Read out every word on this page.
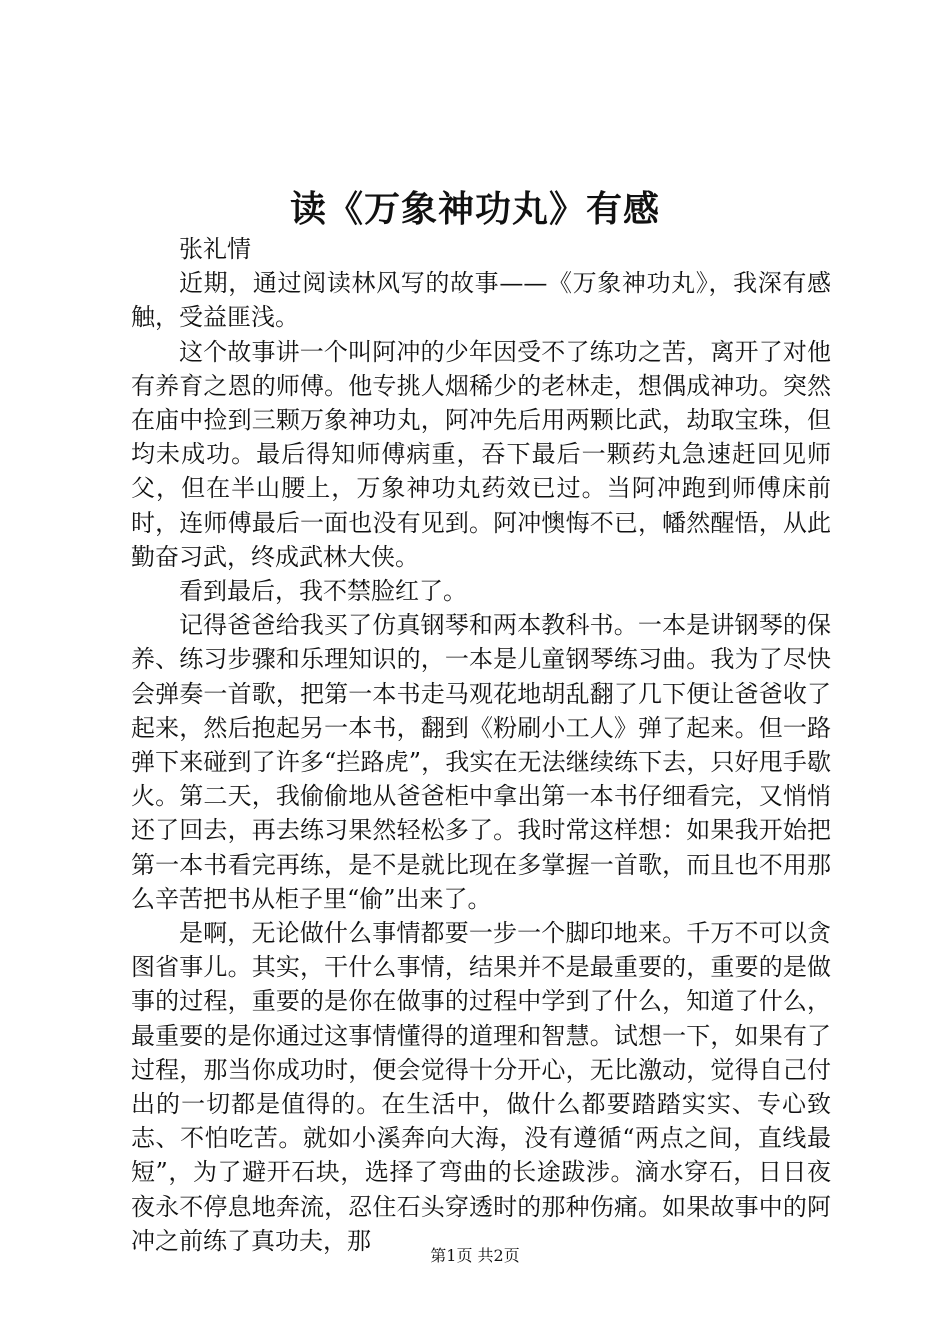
读《万象神功丸》有感

张礼情

近期，通过阅读林风写的故事——《万象神功丸》，我深有感触，受益匪浅。

这个故事讲一个叫阿冲的少年因受不了练功之苦，离开了对他有养育之恩的师傅。他专挑人烟稀少的老林走，想偶成神功。突然在庙中捡到三颗万象神功丸，阿冲先后用两颗比武，劫取宝珠，但均未成功。最后得知师傅病重，吞下最后一颗药丸急速赶回见师父，但在半山腰上，万象神功丸药效已过。当阿冲跑到师傅床前时，连师傅最后一面也没有见到。阿冲懊悔不已，幡然醒悟，从此勤奋习武，终成武林大侠。

看到最后，我不禁脸红了。

记得爸爸给我买了仿真钢琴和两本教科书。一本是讲钢琴的保养、练习步骤和乐理知识的，一本是儿童钢琴练习曲。我为了尽快会弹奏一首歌，把第一本书走马观花地胡乱翻了几下便让爸爸收了起来，然后抱起另一本书，翻到《粉刷小工人》弹了起来。但一路弹下来碰到了许多“拦路虎”，我实在无法继续练下去，只好甩手歇火。第二天，我偷偷地从爸爸柜中拿出第一本书仔细看完，又悄悄还了回去，再去练习果然轻松多了。我时常这样想：如果我开始把第一本书看完再练，是不是就比现在多掌握一首歌，而且也不用那么辛苦把书从柜子里“偷”出来了。

是啊，无论做什么事情都要一步一个脚印地来。千万不可以贪图省事儿。其实，干什么事情，结果并不是最重要的，重要的是做事的过程，重要的是你在做事的过程中学到了什么，知道了什么，最重要的是你通过这事情懂得的道理和智慧。试想一下，如果有了过程，那当你成功时，便会觉得十分开心，无比激动，觉得自己付出的一切都是值得的。在生活中，做什么都要踏踏实实、专心致志、不怕吃苦。就如小溪奔向大海，没有遵循“两点之间，直线最短”，为了避开石块，选择了弯曲的长途跋涉。滴水穿石，日日夜夜永不停息地奔流，忍住石头穿透时的那种伤痛。如果故事中的阿冲之前练了真功夫，那

第1页 共2页
